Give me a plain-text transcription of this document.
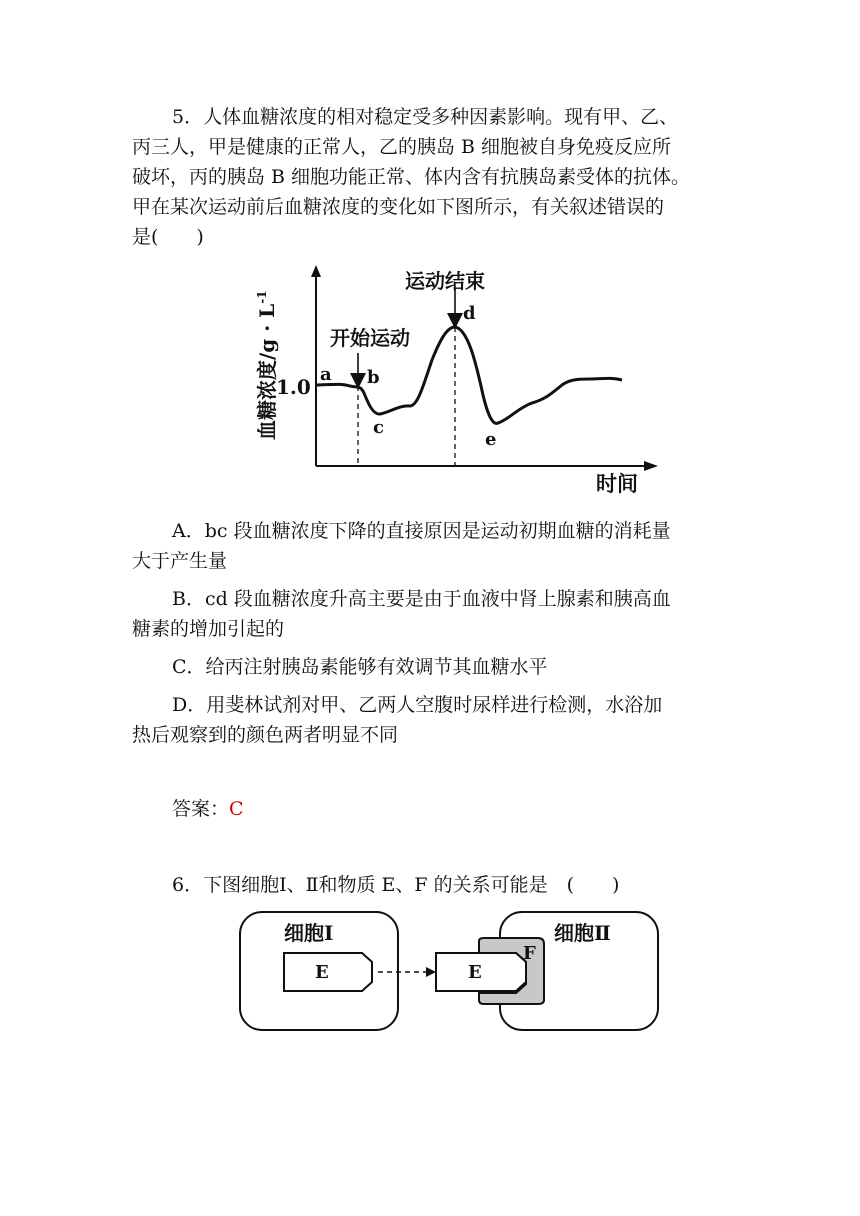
5．人体血糖浓度的相对稳定受多种因素影响。现有甲、乙、
丙三人，甲是健康的正常人，乙的胰岛 B 细胞被自身免疫反应所
破坏，丙的胰岛 B 细胞功能正常、体内含有抗胰岛素受体的抗体。
甲在某次运动前后血糖浓度的变化如下图所示，有关叙述错误的
是(　　)
血糖浓度$/g \cdot L^{-1}$
1.0
时间
开始运动
运动结束
a b
c
d
e
A．bc 段血糖浓度下降的直接原因是运动初期血糖的消耗量
大于产生量
B．cd 段血糖浓度升高主要是由于血液中肾上腺素和胰高血
糖素的增加引起的
C．给丙注射胰岛素能够有效调节其血糖水平
D．用斐林试剂对甲、乙两人空腹时尿样进行检测，水浴加
热后观察到的颜色两者明显不同
答案：C
6．下图细胞Ⅰ、Ⅱ和物质 E、F 的关系可能是　(　　)
细胞Ⅰ
E
细胞Ⅱ
F
E
